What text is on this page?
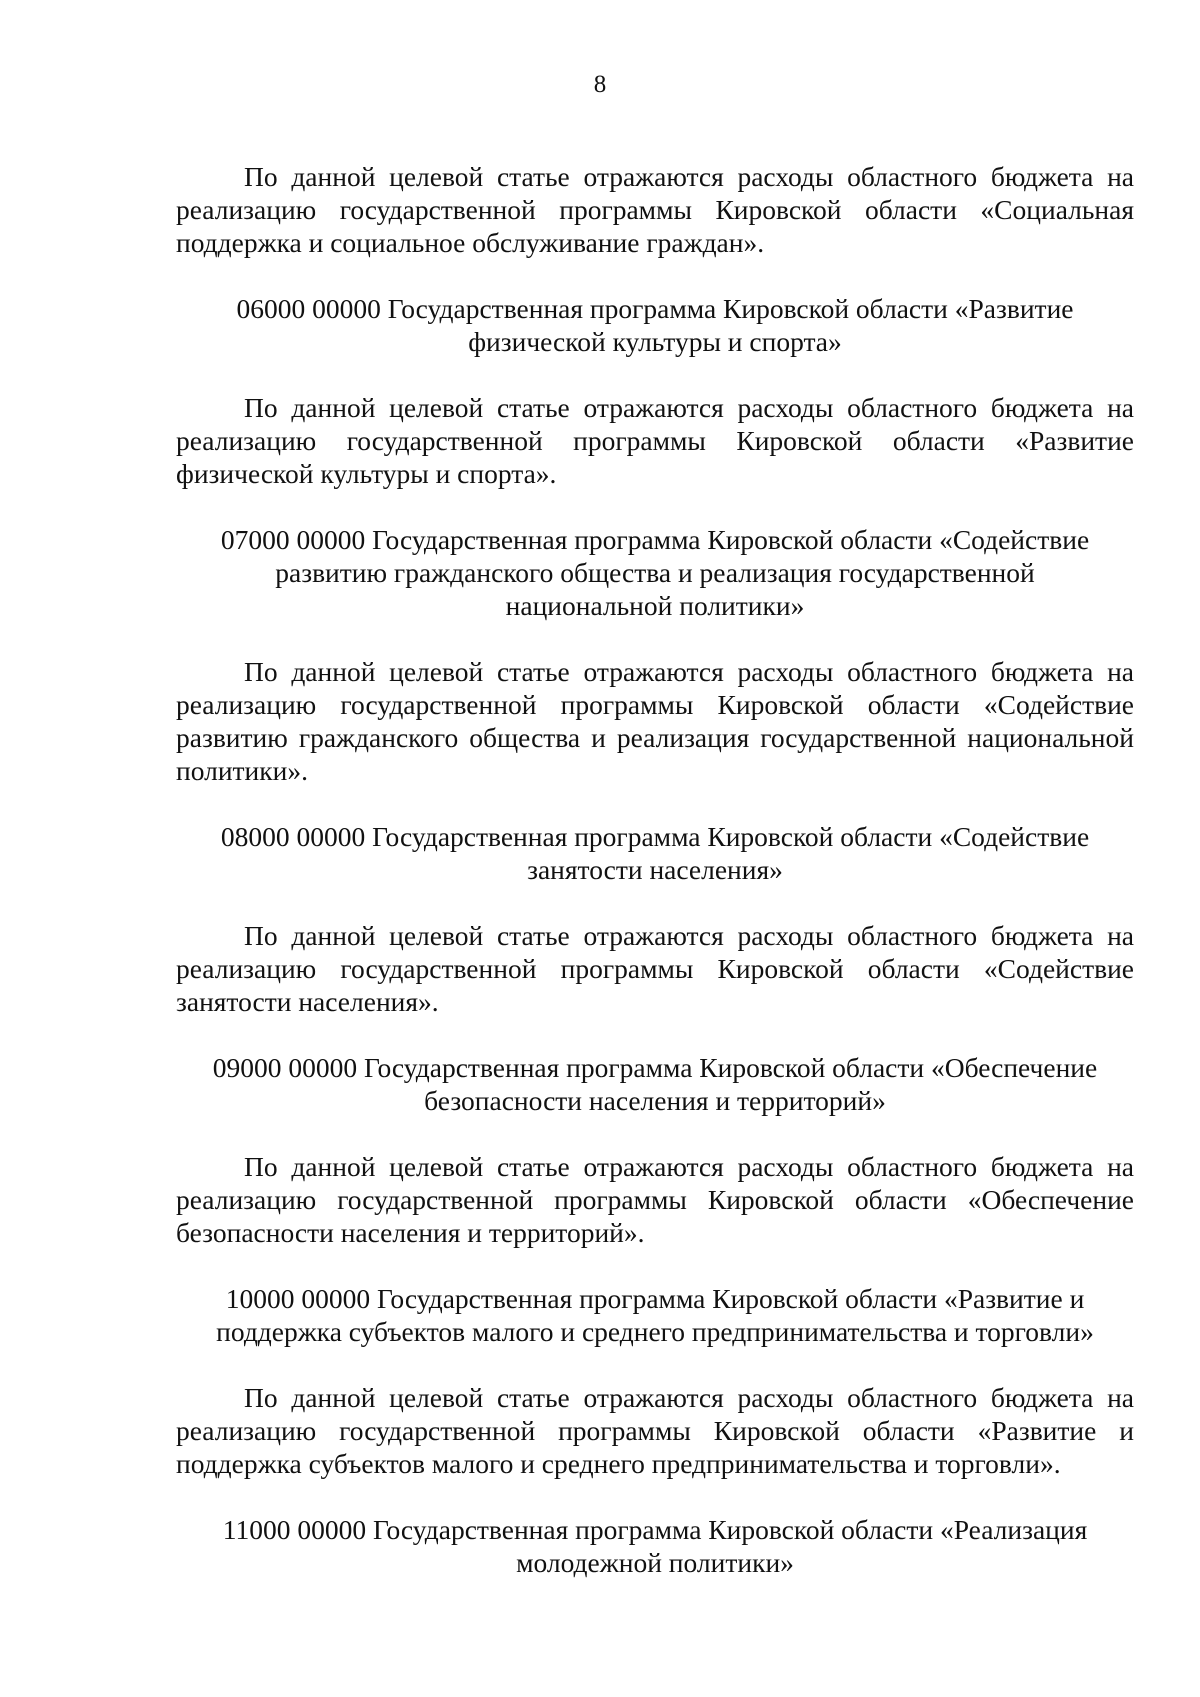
8

По данной целевой статье отражаются расходы областного бюджета на реализацию государственной программы Кировской области «Социальная поддержка и социальное обслуживание граждан».

06000 00000 Государственная программа Кировской области «Развитие физической культуры и спорта»

По данной целевой статье отражаются расходы областного бюджета на реализацию государственной программы Кировской области «Развитие физической культуры и спорта».

07000 00000 Государственная программа Кировской области «Содействие развитию гражданского общества и реализация государственной национальной политики»

По данной целевой статье отражаются расходы областного бюджета на реализацию государственной программы Кировской области «Содействие развитию гражданского общества и реализация государственной национальной политики».

08000 00000 Государственная программа Кировской области «Содействие занятости населения»

По данной целевой статье отражаются расходы областного бюджета на реализацию государственной программы Кировской области «Содействие занятости населения».

09000 00000 Государственная программа Кировской области «Обеспечение безопасности населения и территорий»

По данной целевой статье отражаются расходы областного бюджета на реализацию государственной программы Кировской области «Обеспечение безопасности населения и территорий».

10000 00000 Государственная программа Кировской области «Развитие и поддержка субъектов малого и среднего предпринимательства и торговли»

По данной целевой статье отражаются расходы областного бюджета на реализацию государственной программы Кировской области «Развитие и поддержка субъектов малого и среднего предпринимательства и торговли».

11000 00000 Государственная программа Кировской области «Реализация молодежной политики»
